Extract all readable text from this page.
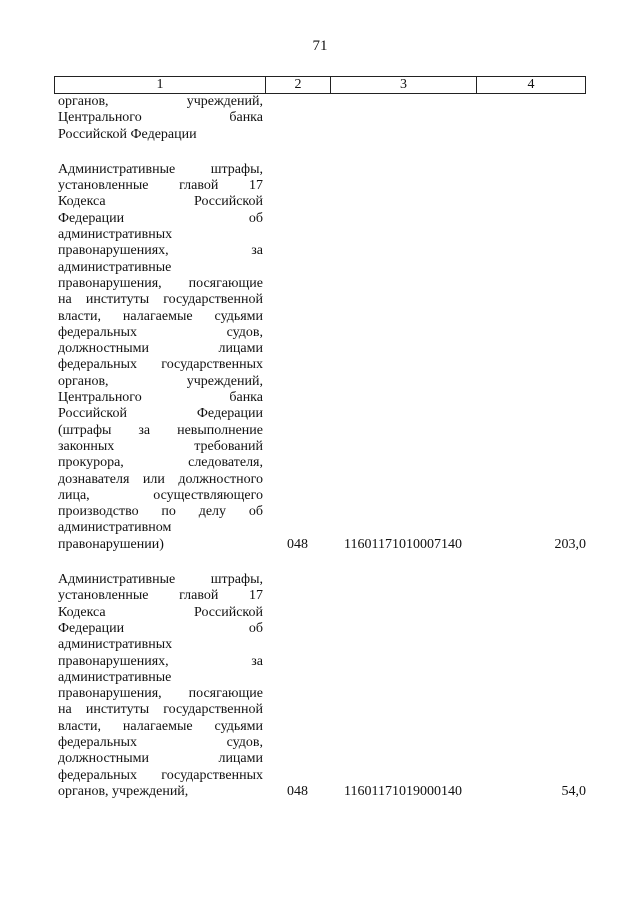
71
1	2	3	4
органов, учреждений,
Центрального банка
Российской Федерации
Административные штрафы,
установленные главой 17
Кодекса Российской
Федерации об
административных
правонарушениях, за
административные
правонарушения, посягающие
на институты государственной
власти, налагаемые судьями
федеральных судов,
должностными лицами
федеральных государственных
органов, учреждений,
Центрального банка
Российской Федерации
(штрафы за невыполнение
законных требований
прокурора, следователя,
дознавателя или должностного
лица, осуществляющего
производство по делу об
административном
правонарушении)	048	11601171010007140	203,0
Административные штрафы,
установленные главой 17
Кодекса Российской
Федерации об
административных
правонарушениях, за
административные
правонарушения, посягающие
на институты государственной
власти, налагаемые судьями
федеральных судов,
должностными лицами
федеральных государственных
органов, учреждений,	048	11601171019000140	54,0
